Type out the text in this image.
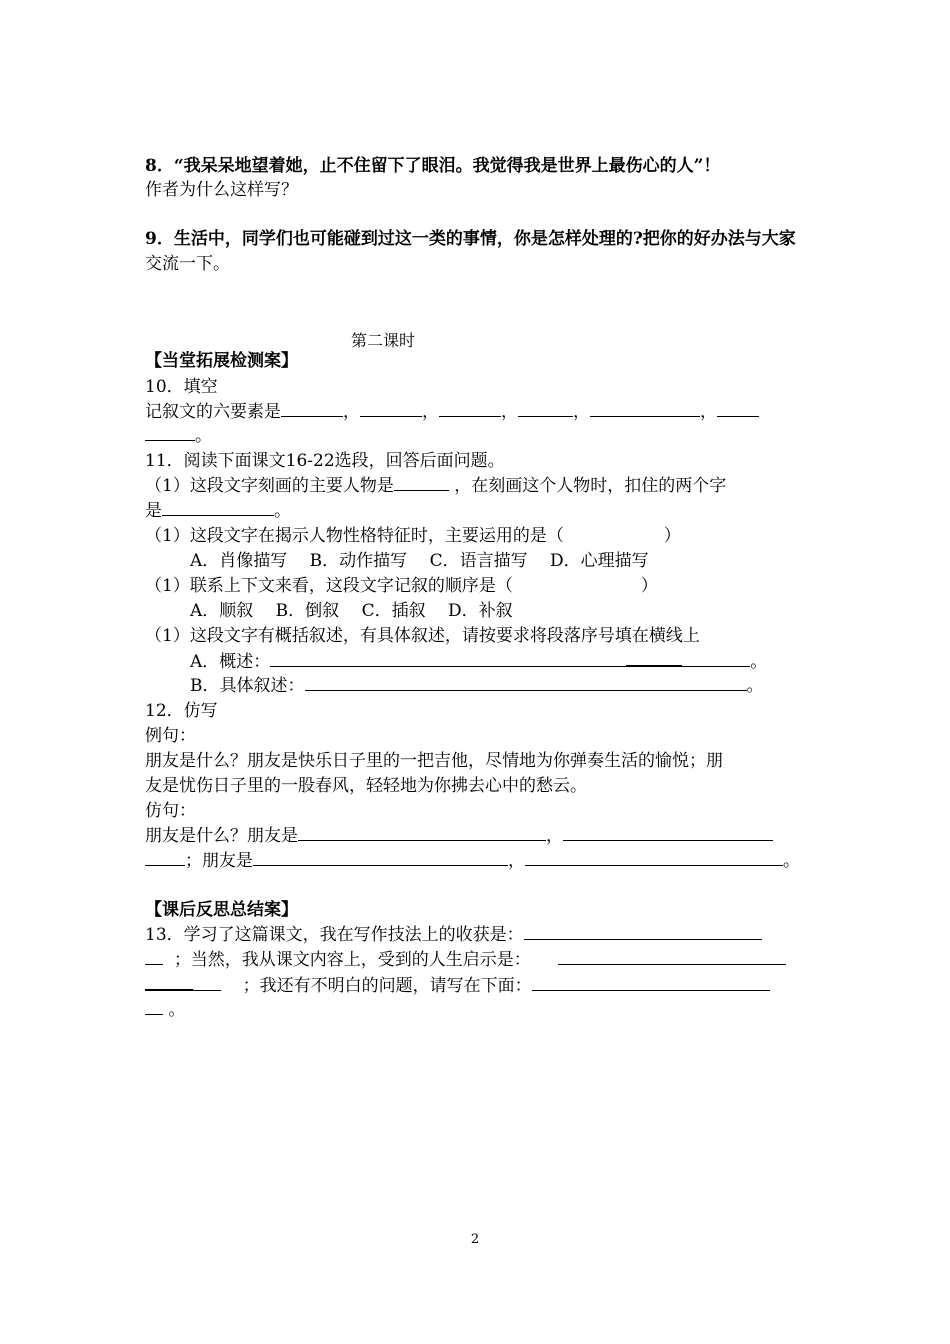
8．“我呆呆地望着她，止不住留下了眼泪。我觉得我是世界上最伤心的人”！
作者为什么这样写？
9．生活中，同学们也可能碰到过这一类的事情，你是怎样处理的?把你的好办法与大家
交流一下。
第二课时
【当堂拓展检测案】
10．填空
记叙文的六要素是	，	，	，	，	，
。
11．阅读下面课文16-22选段，回答后面问题。
（1）这段文字刻画的主要人物是	，在刻画这个人物时，扣住的两个字
是	。
（1）这段文字在揭示人物性格特征时，主要运用的是（	）
A．肖像描写　 B．动作描写　 C．语言描写　 D．心理描写
（1）联系上下文来看，这段文字记叙的顺序是（	）
A．顺叙　 B．倒叙　 C．插叙　 D．补叙
（1）这段文字有概括叙述，有具体叙述，请按要求将段落序号填在横线上
A．概述：	。
B．具体叙述：	。
12．仿写
例句：
朋友是什么？朋友是快乐日子里的一把吉他，尽情地为你弹奏生活的愉悦；朋
友是忧伤日子里的一股春风，轻轻地为你拂去心中的愁云。
仿句：
朋友是什么？朋友是	，
；朋友是	，	。
【课后反思总结案】
13．学习了这篇课文，我在写作技法上的收获是：
；当然，我从课文内容上，受到的人生启示是：
；我还有不明白的问题，请写在下面：
。
2
